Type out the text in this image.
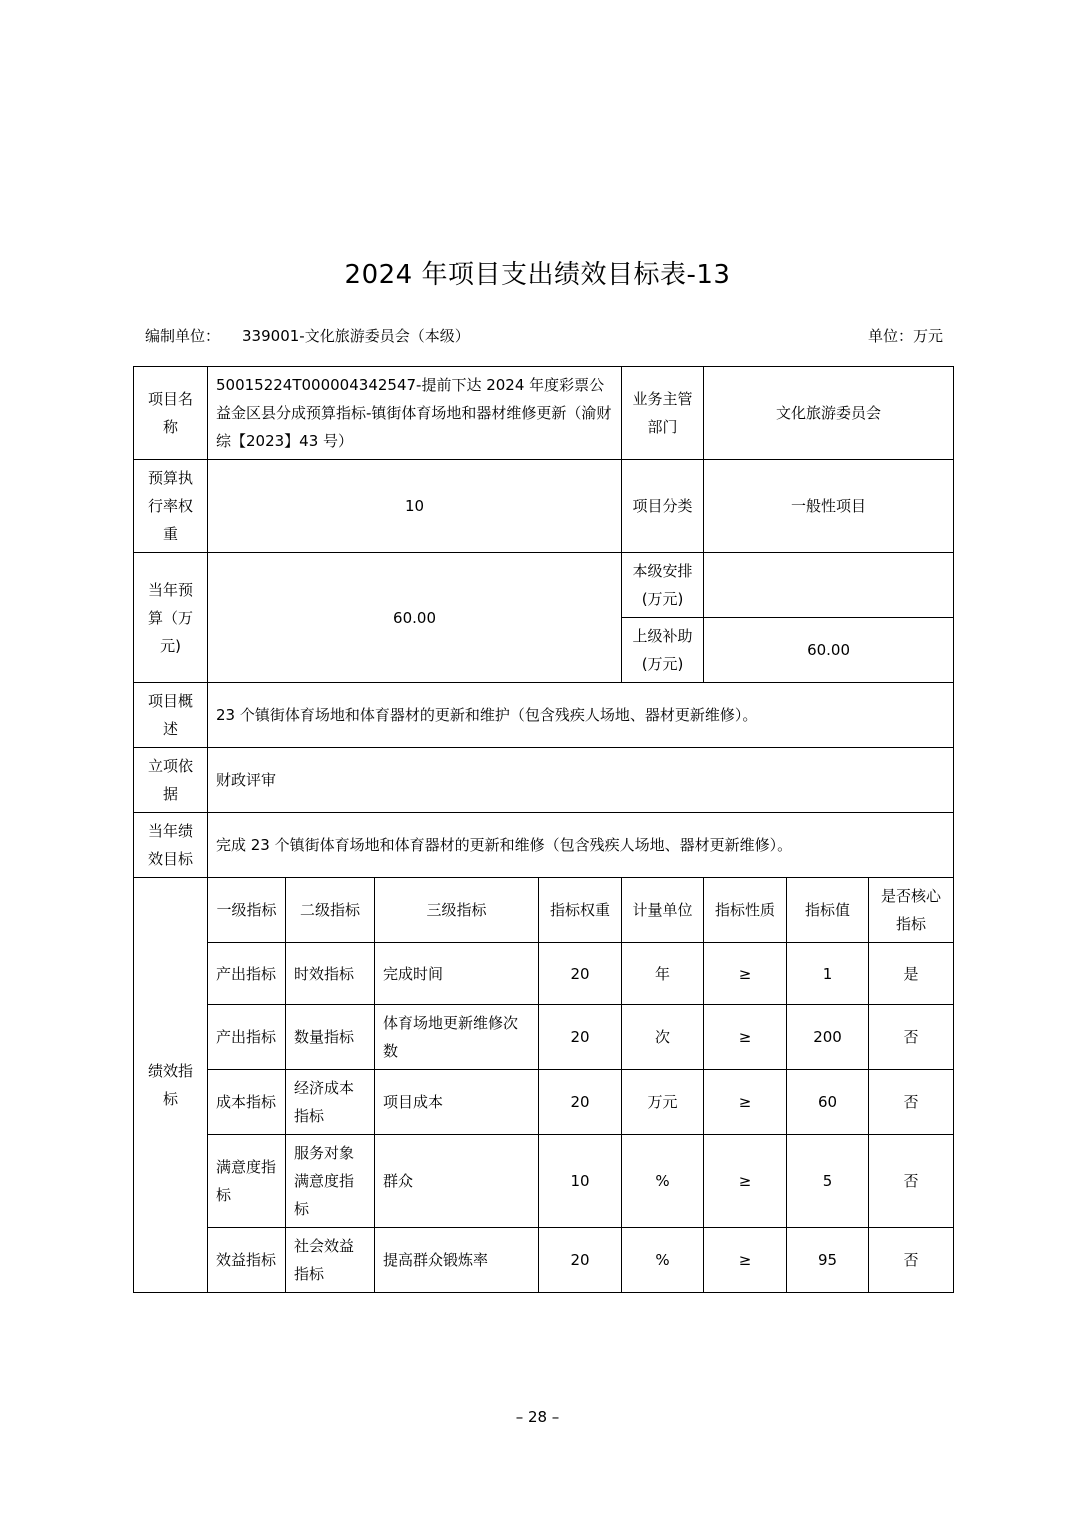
2024 年项目支出绩效目标表-13
编制单位： 339001-文化旅游委员会（本级）	单位：万元
项目名称	50015224T000004342547-提前下达 2024 年度彩票公益金区县分成预算指标-镇街体育场地和器材维修更新（渝财综【2023】43 号）				业务主管部门	文化旅游委员会		
预算执行率权重	10				项目分类	一般性项目		
当年预算（万元)	60.00				本级安排(万元)			
					上级补助(万元)	60.00		
项目概述	23 个镇街体育场地和体育器材的更新和维护（包含残疾人场地、器材更新维修）。							
立项依据	财政评审							
当年绩效目标	完成 23 个镇街体育场地和体育器材的更新和维修（包含残疾人场地、器材更新维修）。							
绩效指标	一级指标	二级指标	三级指标	指标权重	计量单位	指标性质	指标值	是否核心指标
	产出指标	时效指标	完成时间	20	年	≥	1	是
	产出指标	数量指标	体育场地更新维修次数	20	次	≥	200	否
	成本指标	经济成本指标	项目成本	20	万元	≥	60	否
	满意度指标	服务对象满意度指标	群众	10	%	≥	5	否
	效益指标	社会效益指标	提高群众锻炼率	20	%	≥	95	否
– 28 –
